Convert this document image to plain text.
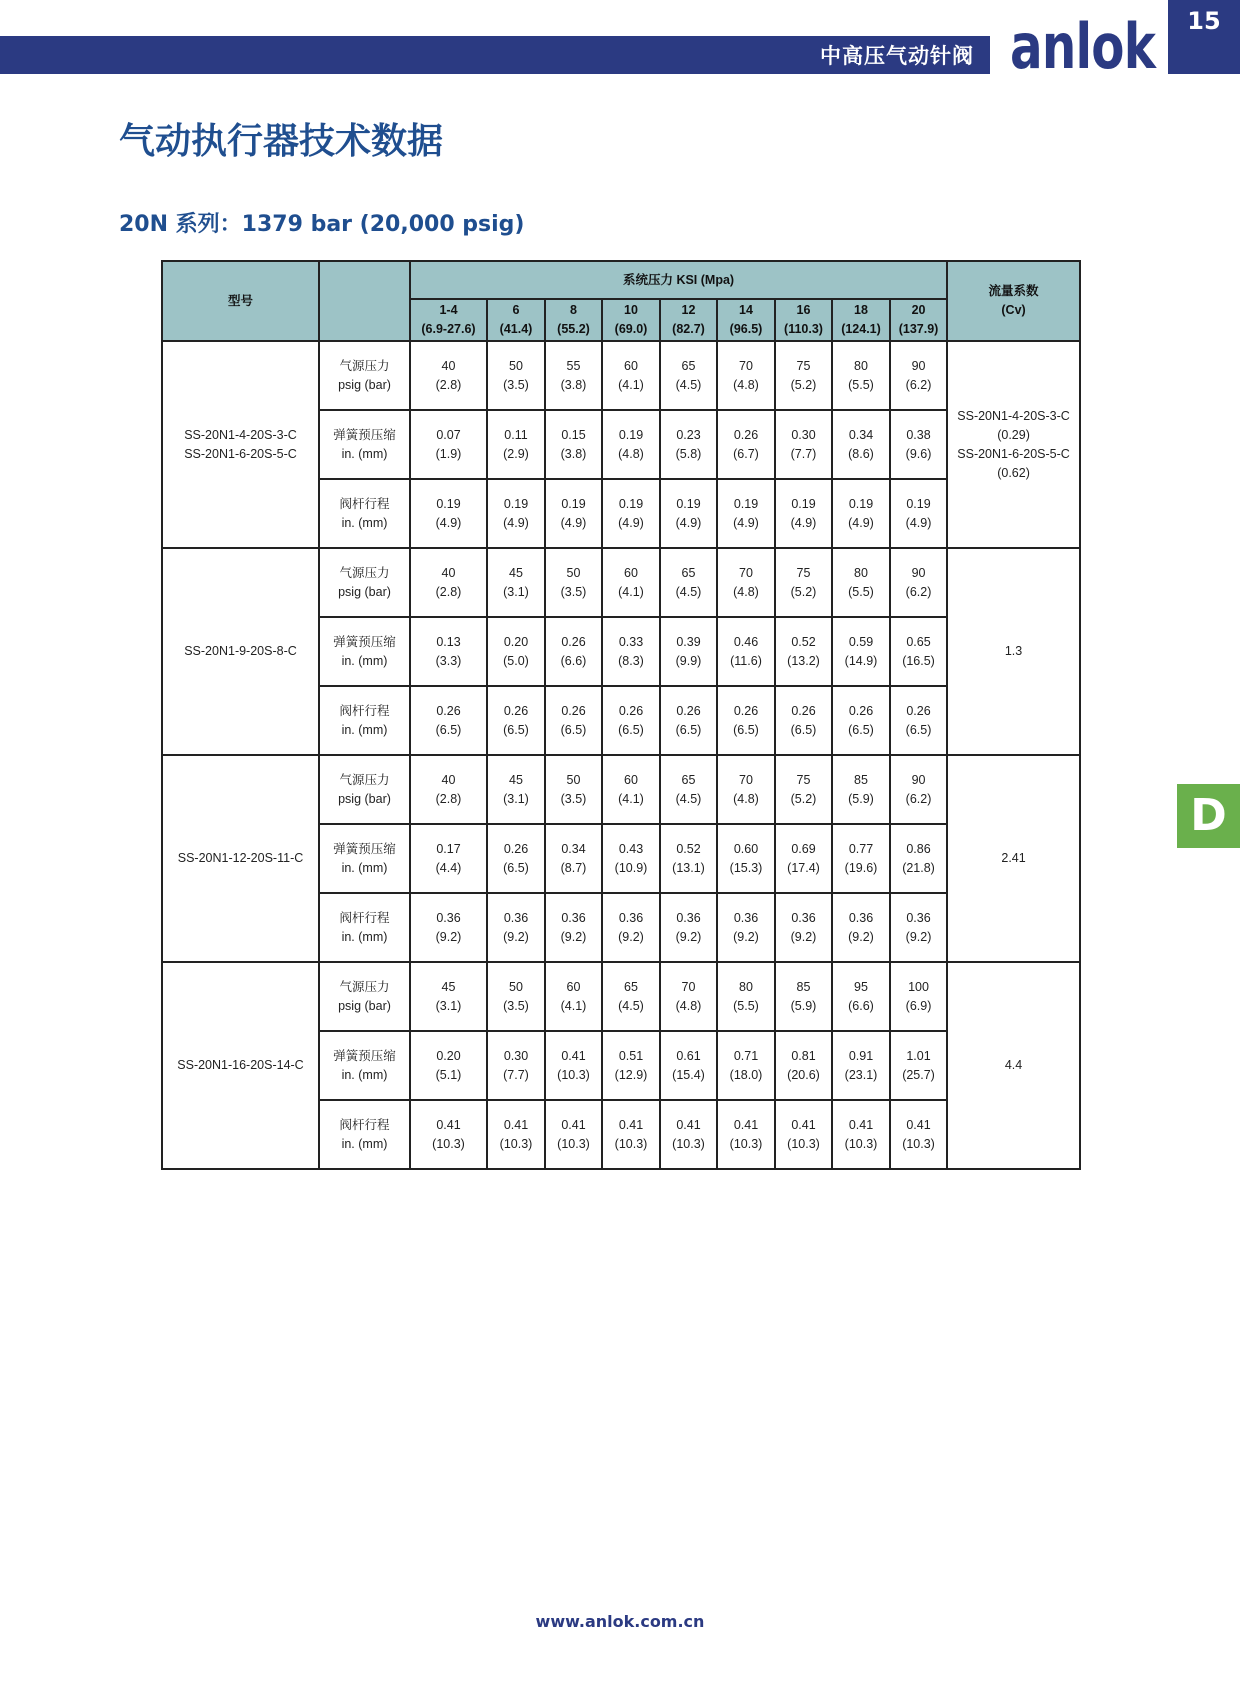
中高压气动针阀 anlok	15
气动执行器技术数据
20N 系列：1379 bar (20,000 psig)
型号		系统压力 KSI (Mpa)									流量系数
(Cv)

		1-4
(6.9-27.6)	6
(41.4)	8
(55.2)	10
(69.0)	12
(82.7)	14
(96.5)	16
(110.3)	18
(124.1)	20
(137.9)	

SS-20N1-4-20S-3-C
SS-20N1-6-20S-5-C	气源压力
psig (bar)	40
(2.8)	50
(3.5)	55
(3.8)	60
(4.1)	65
(4.5)	70
(4.8)	75
(5.2)	80
(5.5)	90
(6.2)	SS-20N1-4-20S-3-C
(0.29)
SS-20N1-6-20S-5-C
(0.62)

	弹簧预压缩
in. (mm)	0.07
(1.9)	0.11
(2.9)	0.15
(3.8)	0.19
(4.8)	0.23
(5.8)	0.26
(6.7)	0.30
(7.7)	0.34
(8.6)	0.38
(9.6)	

	阀杆行程
in. (mm)	0.19
(4.9)	0.19
(4.9)	0.19
(4.9)	0.19
(4.9)	0.19
(4.9)	0.19
(4.9)	0.19
(4.9)	0.19
(4.9)	0.19
(4.9)	

SS-20N1-9-20S-8-C	气源压力
psig (bar)	40
(2.8)	45
(3.1)	50
(3.5)	60
(4.1)	65
(4.5)	70
(4.8)	75
(5.2)	80
(5.5)	90
(6.2)	1.3

	弹簧预压缩
in. (mm)	0.13
(3.3)	0.20
(5.0)	0.26
(6.6)	0.33
(8.3)	0.39
(9.9)	0.46
(11.6)	0.52
(13.2)	0.59
(14.9)	0.65
(16.5)	

	阀杆行程
in. (mm)	0.26
(6.5)	0.26
(6.5)	0.26
(6.5)	0.26
(6.5)	0.26
(6.5)	0.26
(6.5)	0.26
(6.5)	0.26
(6.5)	0.26
(6.5)	

SS-20N1-12-20S-11-C	气源压力
psig (bar)	40
(2.8)	45
(3.1)	50
(3.5)	60
(4.1)	65
(4.5)	70
(4.8)	75
(5.2)	85
(5.9)	90
(6.2)	2.41

	弹簧预压缩
in. (mm)	0.17
(4.4)	0.26
(6.5)	0.34
(8.7)	0.43
(10.9)	0.52
(13.1)	0.60
(15.3)	0.69
(17.4)	0.77
(19.6)	0.86
(21.8)	

	阀杆行程
in. (mm)	0.36
(9.2)	0.36
(9.2)	0.36
(9.2)	0.36
(9.2)	0.36
(9.2)	0.36
(9.2)	0.36
(9.2)	0.36
(9.2)	0.36
(9.2)	

SS-20N1-16-20S-14-C	气源压力
psig (bar)	45
(3.1)	50
(3.5)	60
(4.1)	65
(4.5)	70
(4.8)	80
(5.5)	85
(5.9)	95
(6.6)	100
(6.9)	4.4

	弹簧预压缩
in. (mm)	0.20
(5.1)	0.30
(7.7)	0.41
(10.3)	0.51
(12.9)	0.61
(15.4)	0.71
(18.0)	0.81
(20.6)	0.91
(23.1)	1.01
(25.7)	

	阀杆行程
in. (mm)	0.41
(10.3)	0.41
(10.3)	0.41
(10.3)	0.41
(10.3)	0.41
(10.3)	0.41
(10.3)	0.41
(10.3)	0.41
(10.3)	0.41
(10.3)	
D
www.anlok.com.cn
